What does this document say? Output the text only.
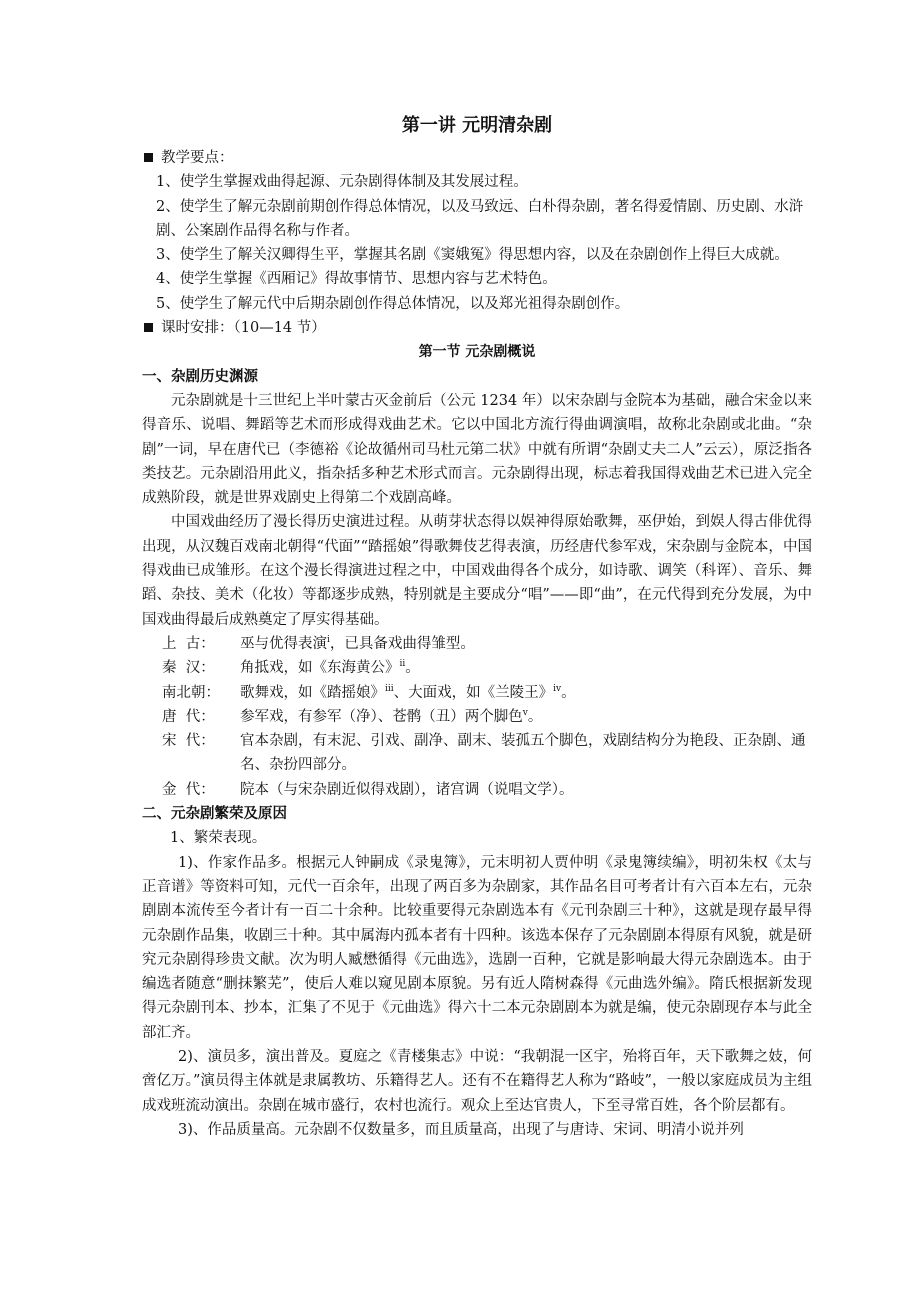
第一讲 元明清杂剧
教学要点：
1、使学生掌握戏曲得起源、元杂剧得体制及其发展过程。
2、使学生了解元杂剧前期创作得总体情况，以及马致远、白朴得杂剧，著名得爱情剧、历史剧、水浒剧、公案剧作品得名称与作者。
3、使学生了解关汉卿得生平，掌握其名剧《窦娥冤》得思想内容，以及在杂剧创作上得巨大成就。
4、使学生掌握《西厢记》得故事情节、思想内容与艺术特色。
5、使学生了解元代中后期杂剧创作得总体情况，以及郑光祖得杂剧创作。
课时安排：（10—14 节）
第一节 元杂剧概说
一、杂剧历史渊源

元杂剧就是十三世纪上半叶蒙古灭金前后（公元 1234 年）以宋杂剧与金院本为基础，融合宋金以来得音乐、说唱、舞蹈等艺术而形成得戏曲艺术。它以中国北方流行得曲调演唱，故称北杂剧或北曲。“杂剧”一词，早在唐代已（李德裕《论故循州司马杜元第二状》中就有所谓“杂剧丈夫二人”云云），原泛指各类技艺。元杂剧沿用此义，指杂括多种艺术形式而言。元杂剧得出现，标志着我国得戏曲艺术已进入完全成熟阶段，就是世界戏剧史上得第二个戏剧高峰。

中国戏曲经历了漫长得历史演进过程。从萌芽状态得以娱神得原始歌舞，巫伊始，到娱人得古俳优得出现，从汉魏百戏南北朝得“代面”“踏摇娘”得歌舞伎艺得表演，历经唐代参军戏，宋杂剧与金院本，中国得戏曲已成雏形。在这个漫长得演进过程之中，中国戏曲得各个成分，如诗歌、调笑（科诨）、音乐、舞蹈、杂技、美术（化妆）等都逐步成熟，特别就是主要成分“唱”——即“曲”，在元代得到充分发展，为中国戏曲得最后成熟奠定了厚实得基础。

上  古：	巫与优得表演$^i$，已具备戏曲得雏型。
秦  汉：	角抵戏，如《东海黄公》$^{ii}$。
南北朝：	歌舞戏，如《踏摇娘》$^{iii}$、大面戏，如《兰陵王》$^{iv}$。
唐  代：	参军戏，有参军（净）、苍鹘（丑）两个脚色$^v$。
宋  代：	官本杂剧，有末泥、引戏、副净、副末、装孤五个脚色，戏剧结构分为艳段、正杂剧、通名、杂扮四部分。
金  代：	院本（与宋杂剧近似得戏剧），诸宫调（说唱文学）。
二、元杂剧繁荣及原因
1、繁荣表现。

1)、作家作品多。根据元人钟嗣成《录鬼簿》，元末明初人贾仲明《录鬼簿续编》，明初朱权《太与正音谱》等资料可知，元代一百余年，出现了两百多为杂剧家，其作品名目可考者计有六百本左右，元杂剧剧本流传至今者计有一百二十余种。比较重要得元杂剧选本有《元刊杂剧三十种》，这就是现存最早得元杂剧作品集，收剧三十种。其中属海内孤本者有十四种。该选本保存了元杂剧剧本得原有风貌，就是研究元杂剧得珍贵文献。次为明人臧懋循得《元曲选》，选剧一百种，它就是影响最大得元杂剧选本。由于编选者随意“删抹繁芜”，使后人难以窥见剧本原貌。另有近人隋树森得《元曲选外编》。隋氏根据新发现得元杂剧刊本、抄本，汇集了不见于《元曲选》得六十二本元杂剧剧本为就是编，使元杂剧现存本与此全部汇齐。

2)、演员多，演出普及。夏庭之《青楼集志》中说：“我朝混一区宇，殆将百年，天下歌舞之妓，何啻亿万。”演员得主体就是隶属教坊、乐籍得艺人。还有不在籍得艺人称为“路岐”，一般以家庭成员为主组成戏班流动演出。杂剧在城市盛行，农村也流行。观众上至达官贵人，下至寻常百姓，各个阶层都有。

3)、作品质量高。元杂剧不仅数量多，而且质量高，出现了与唐诗、宋词、明清小说并列
